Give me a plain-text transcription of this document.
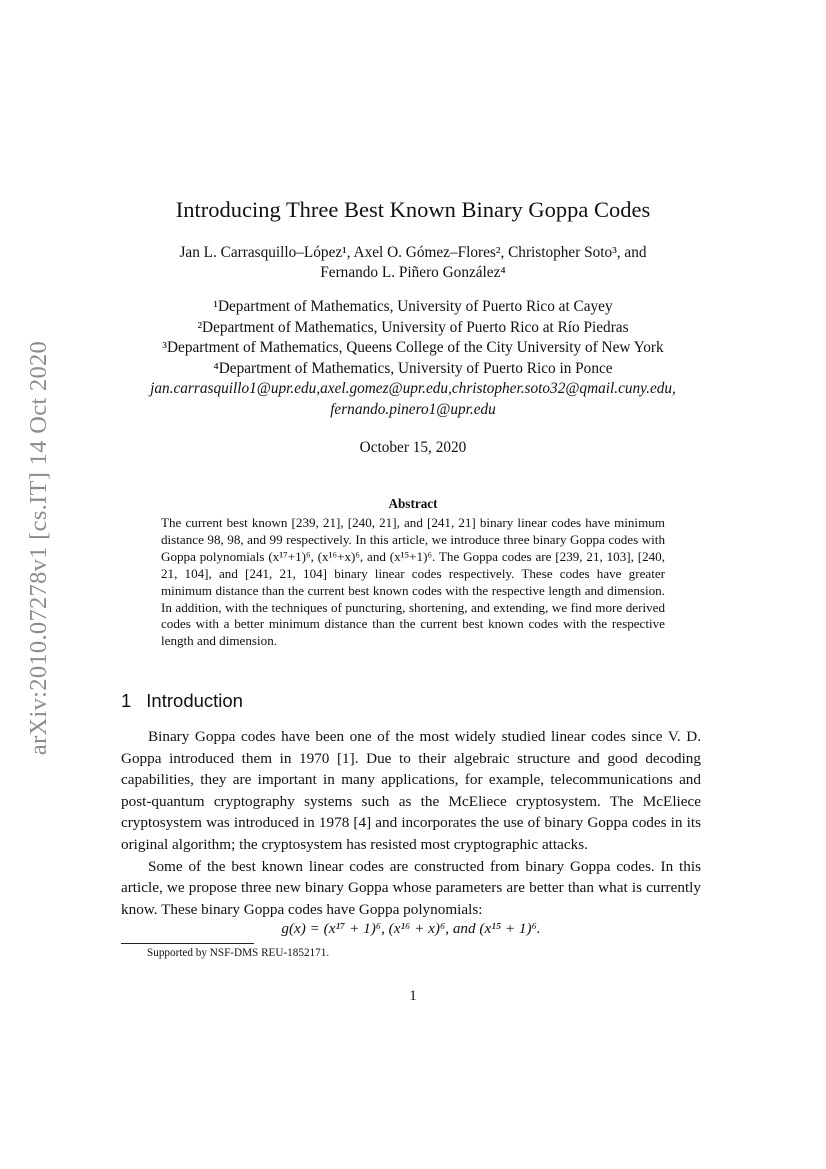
arXiv:2010.07278v1 [cs.IT] 14 Oct 2020
Introducing Three Best Known Binary Goppa Codes
Jan L. Carrasquillo–López¹, Axel O. Gómez–Flores², Christopher Soto³, and
Fernando L. Piñero González⁴
¹Department of Mathematics, University of Puerto Rico at Cayey
²Department of Mathematics, University of Puerto Rico at Río Piedras
³Department of Mathematics, Queens College of the City University of New York
⁴Department of Mathematics, University of Puerto Rico in Ponce
jan.carrasquillo1@upr.edu,axel.gomez@upr.edu,christopher.soto32@qmail.cuny.edu,
fernando.pinero1@upr.edu
October 15, 2020
Abstract
The current best known [239, 21], [240, 21], and [241, 21] binary linear codes have minimum distance 98, 98, and 99 respectively. In this article, we introduce three binary Goppa codes with Goppa polynomials (x¹⁷+1)⁶, (x¹⁶+x)⁶, and (x¹⁵+1)⁶. The Goppa codes are [239, 21, 103], [240, 21, 104], and [241, 21, 104] binary linear codes respectively. These codes have greater minimum distance than the current best known codes with the respective length and dimension. In addition, with the techniques of puncturing, shortening, and extending, we find more derived codes with a better minimum distance than the current best known codes with the respective length and dimension.
1 Introduction

Binary Goppa codes have been one of the most widely studied linear codes since V. D. Goppa introduced them in 1970 [1]. Due to their algebraic structure and good decoding capabilities, they are important in many applications, for example, telecommunications and post-quantum cryptography systems such as the McEliece cryptosystem. The McEliece cryptosystem was introduced in 1978 [4] and incorporates the use of binary Goppa codes in its original algorithm; the cryptosystem has resisted most cryptographic attacks.

Some of the best known linear codes are constructed from binary Goppa codes. In this article, we propose three new binary Goppa whose parameters are better than what is currently know. These binary Goppa codes have Goppa polynomials:

g(x) = (x¹⁷ + 1)⁶, (x¹⁶ + x)⁶, and (x¹⁵ + 1)⁶.
Supported by NSF-DMS REU-1852171.
1
